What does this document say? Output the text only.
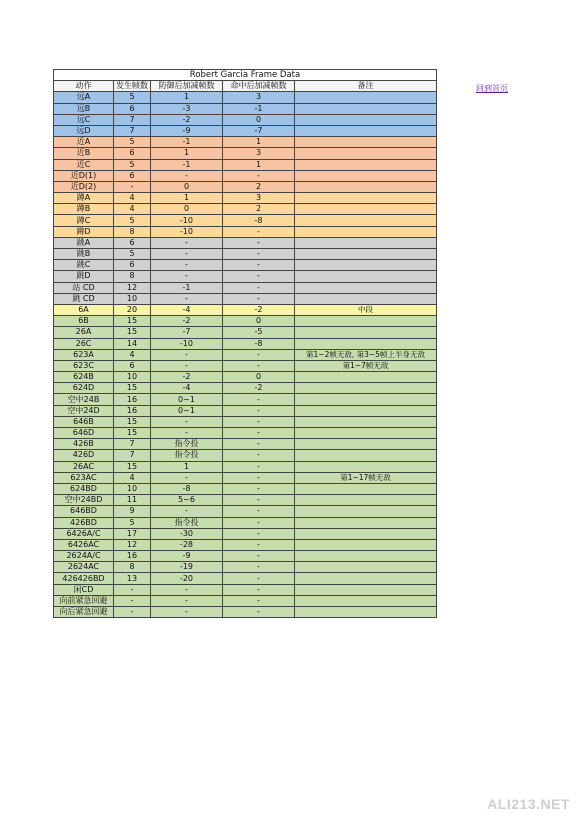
Robert Garcia Frame Data				
动作	发生帧数	防御后加减帧数	命中后加减帧数	备注
远A	5	1	3	
远B	6	-3	-1	
远C	7	-2	0	
远D	7	-9	-7	
近A	5	-1	1	
近B	6	1	3	
近C	5	-1	1	
近D(1)	6	-	-	
近D(2)	-	0	2	
蹲A	4	1	3	
蹲B	4	0	2	
蹲C	5	-10	-8	
蹲D	8	-10	-	
跳A	6	-	-	
跳B	5	-	-	
跳C	6	-	-	
跳D	8	-	-	
站 CD	12	-1	-	
跳 CD	10	-	-	
6A	20	-4	-2	中段
6B	15	-2	0	
26A	15	-7	-5	
26C	14	-10	-8	
623A	4	-	-	第1~2帧无敌, 第3~5帧上半身无敌
623C	6	-	-	第1~7帧无敌
624B	10	-2	0	
624D	15	-4	-2	
空中24B	16	0~1	-	
空中24D	16	0~1	-	
646B	15	-	-	
646D	15	-	-	
426B	7	指令投	-	
426D	7	指令投	-	
26AC	15	1	-	
623AC	4	-	-	第1~17帧无敌
624BD	10	-8	-	
空中24BD	11	5~6	-	
646BD	9	-	-	
426BD	5	指令投	-	
6426A/C	17	-30	-	
6426AC	12	-28	-	
2624A/C	16	-9	-	
2624AC	8	-19	-	
426426BD	13	-20	-	
闲CD	-	-	-	
向前紧急回避	-	-	-	
向后紧急回避	-	-	-	
回到首页
ALI213.NET
